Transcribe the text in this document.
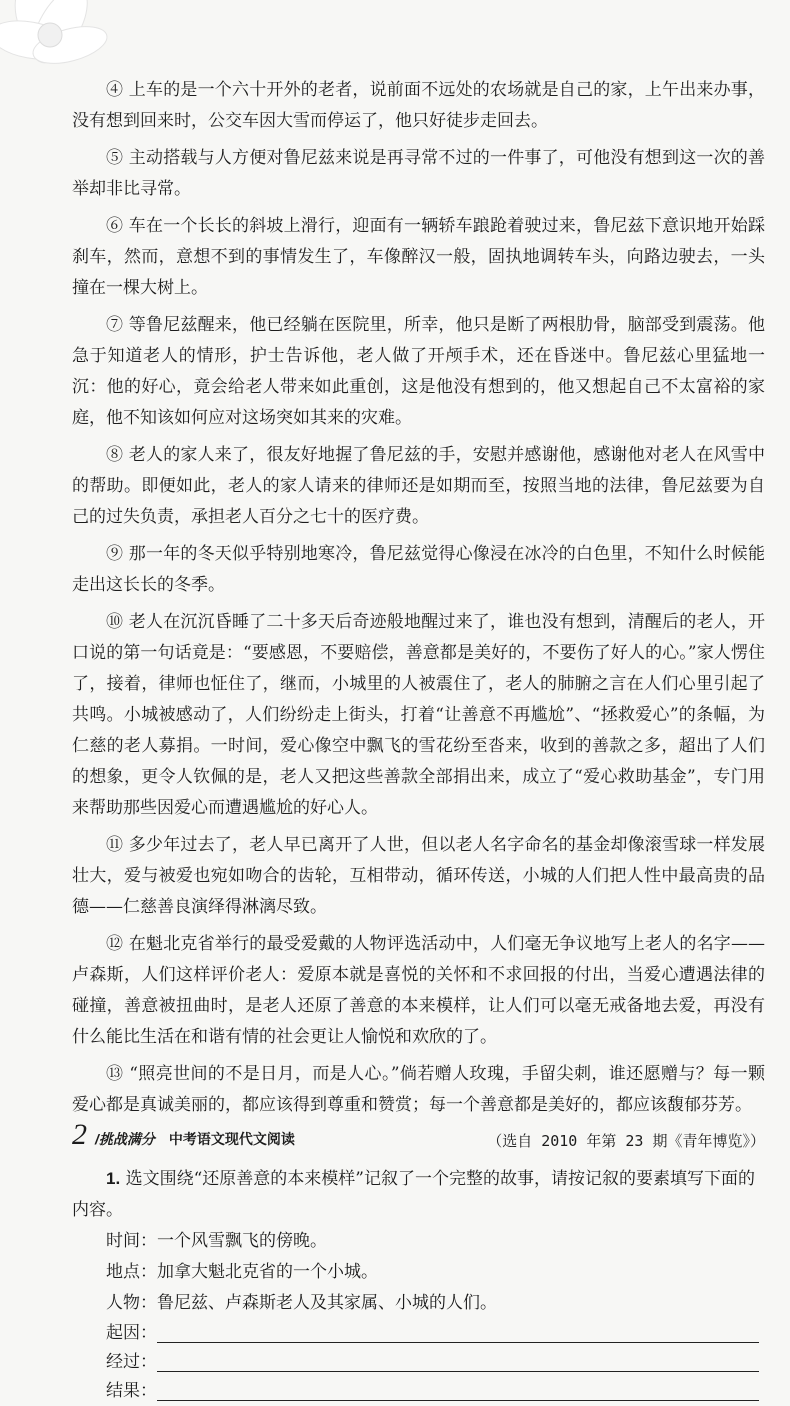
④ 上车的是一个六十开外的老者，说前面不远处的农场就是自己的家，上午出来办事，没有想到回来时，公交车因大雪而停运了，他只好徒步走回去。

⑤ 主动搭载与人方便对鲁尼兹来说是再寻常不过的一件事了，可他没有想到这一次的善举却非比寻常。

⑥ 车在一个长长的斜坡上滑行，迎面有一辆轿车踉跄着驶过来，鲁尼兹下意识地开始踩刹车，然而，意想不到的事情发生了，车像醉汉一般，固执地调转车头，向路边驶去，一头撞在一棵大树上。

⑦ 等鲁尼兹醒来，他已经躺在医院里，所幸，他只是断了两根肋骨，脑部受到震荡。他急于知道老人的情形，护士告诉他，老人做了开颅手术，还在昏迷中。鲁尼兹心里猛地一沉：他的好心，竟会给老人带来如此重创，这是他没有想到的，他又想起自己不太富裕的家庭，他不知该如何应对这场突如其来的灾难。

⑧ 老人的家人来了，很友好地握了鲁尼兹的手，安慰并感谢他，感谢他对老人在风雪中的帮助。即便如此，老人的家人请来的律师还是如期而至，按照当地的法律，鲁尼兹要为自己的过失负责，承担老人百分之七十的医疗费。

⑨ 那一年的冬天似乎特别地寒冷，鲁尼兹觉得心像浸在冰冷的白色里，不知什么时候能走出这长长的冬季。

⑩ 老人在沉沉昏睡了二十多天后奇迹般地醒过来了，谁也没有想到，清醒后的老人，开口说的第一句话竟是：“要感恩，不要赔偿，善意都是美好的，不要伤了好人的心。”家人愣住了，接着，律师也怔住了，继而，小城里的人被震住了，老人的肺腑之言在人们心里引起了共鸣。小城被感动了，人们纷纷走上街头，打着“让善意不再尴尬”、“拯救爱心”的条幅，为仁慈的老人募捐。一时间，爱心像空中飘飞的雪花纷至沓来，收到的善款之多，超出了人们的想象，更令人钦佩的是，老人又把这些善款全部捐出来，成立了“爱心救助基金”，专门用来帮助那些因爱心而遭遇尴尬的好心人。

⑪ 多少年过去了，老人早已离开了人世，但以老人名字命名的基金却像滚雪球一样发展壮大，爱与被爱也宛如吻合的齿轮，互相带动，循环传送，小城的人们把人性中最高贵的品德——仁慈善良演绎得淋漓尽致。

⑫ 在魁北克省举行的最受爱戴的人物评选活动中，人们毫无争议地写上老人的名字——卢森斯，人们这样评价老人：爱原本就是喜悦的关怀和不求回报的付出，当爱心遭遇法律的碰撞，善意被扭曲时，是老人还原了善意的本来模样，让人们可以毫无戒备地去爱，再没有什么能比生活在和谐有情的社会更让人愉悦和欢欣的了。

⑬ “照亮世间的不是日月，而是人心。”倘若赠人玫瑰，手留尖刺，谁还愿赠与？每一颗爱心都是真诚美丽的，都应该得到尊重和赞赏；每一个善意都是美好的，都应该馥郁芬芳。

（选自 2010 年第 23 期《青年博览》）

1. 选文围绕“还原善意的本来模样”记叙了一个完整的故事，请按记叙的要素填写下面的内容。

时间：一个风雪飘飞的傍晚。
地点：加拿大魁北克省的一个小城。
人物：鲁尼兹、卢森斯老人及其家属、小城的人们。
起因：
经过：
结果：
2 /挑战满分 中考语文现代文阅读
